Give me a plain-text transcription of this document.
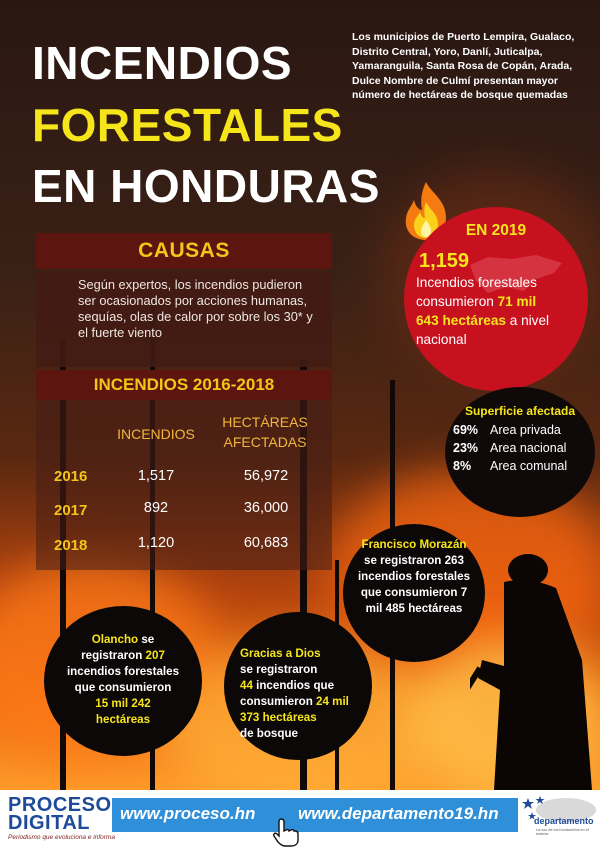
INCENDIOS
FORESTALES
EN HONDURAS
Los municipios de Puerto Lempira, Gualaco, Distrito Central, Yoro, Danlí, Juticalpa, Yamaranguila, Santa Rosa de Copán, Arada, Dulce Nombre de Culmí presentan mayor número de hectáreas de bosque quemadas
CAUSAS
Según expertos, los incendios pudieron ser ocasionados por acciones humanas, sequías, olas de calor por sobre los 30* y el fuerte viento
INCENDIOS 2016-2018
INCENDIOS
HECTÁREAS
AFECTADAS
2016	1,517	56,972
2017	892	36,000
2018	1,120	60,683
EN 2019
1,159
Incendios forestales
consumieron 71 mil
643 hectáreas a nivel
nacional
Superficie afectada
69% Area privada
23% Area nacional
8% Area comunal
Francisco Morazán
se registraron 263
incendios forestales
que consumieron 7
mil 485 hectáreas
Olancho se
registraron 207
incendios forestales
que consumieron
15 mil 242
hectáreas
Gracias a Dios
se registraron
44 incendios que
consumieron 24 mil
373 hectáreas
de bosque
PROCESO
DIGITAL
Periodismo que evoluciona e informa
www.proceso.hn	www.departamento19.hn	departamento
La voz de los hondureños en el exterior
